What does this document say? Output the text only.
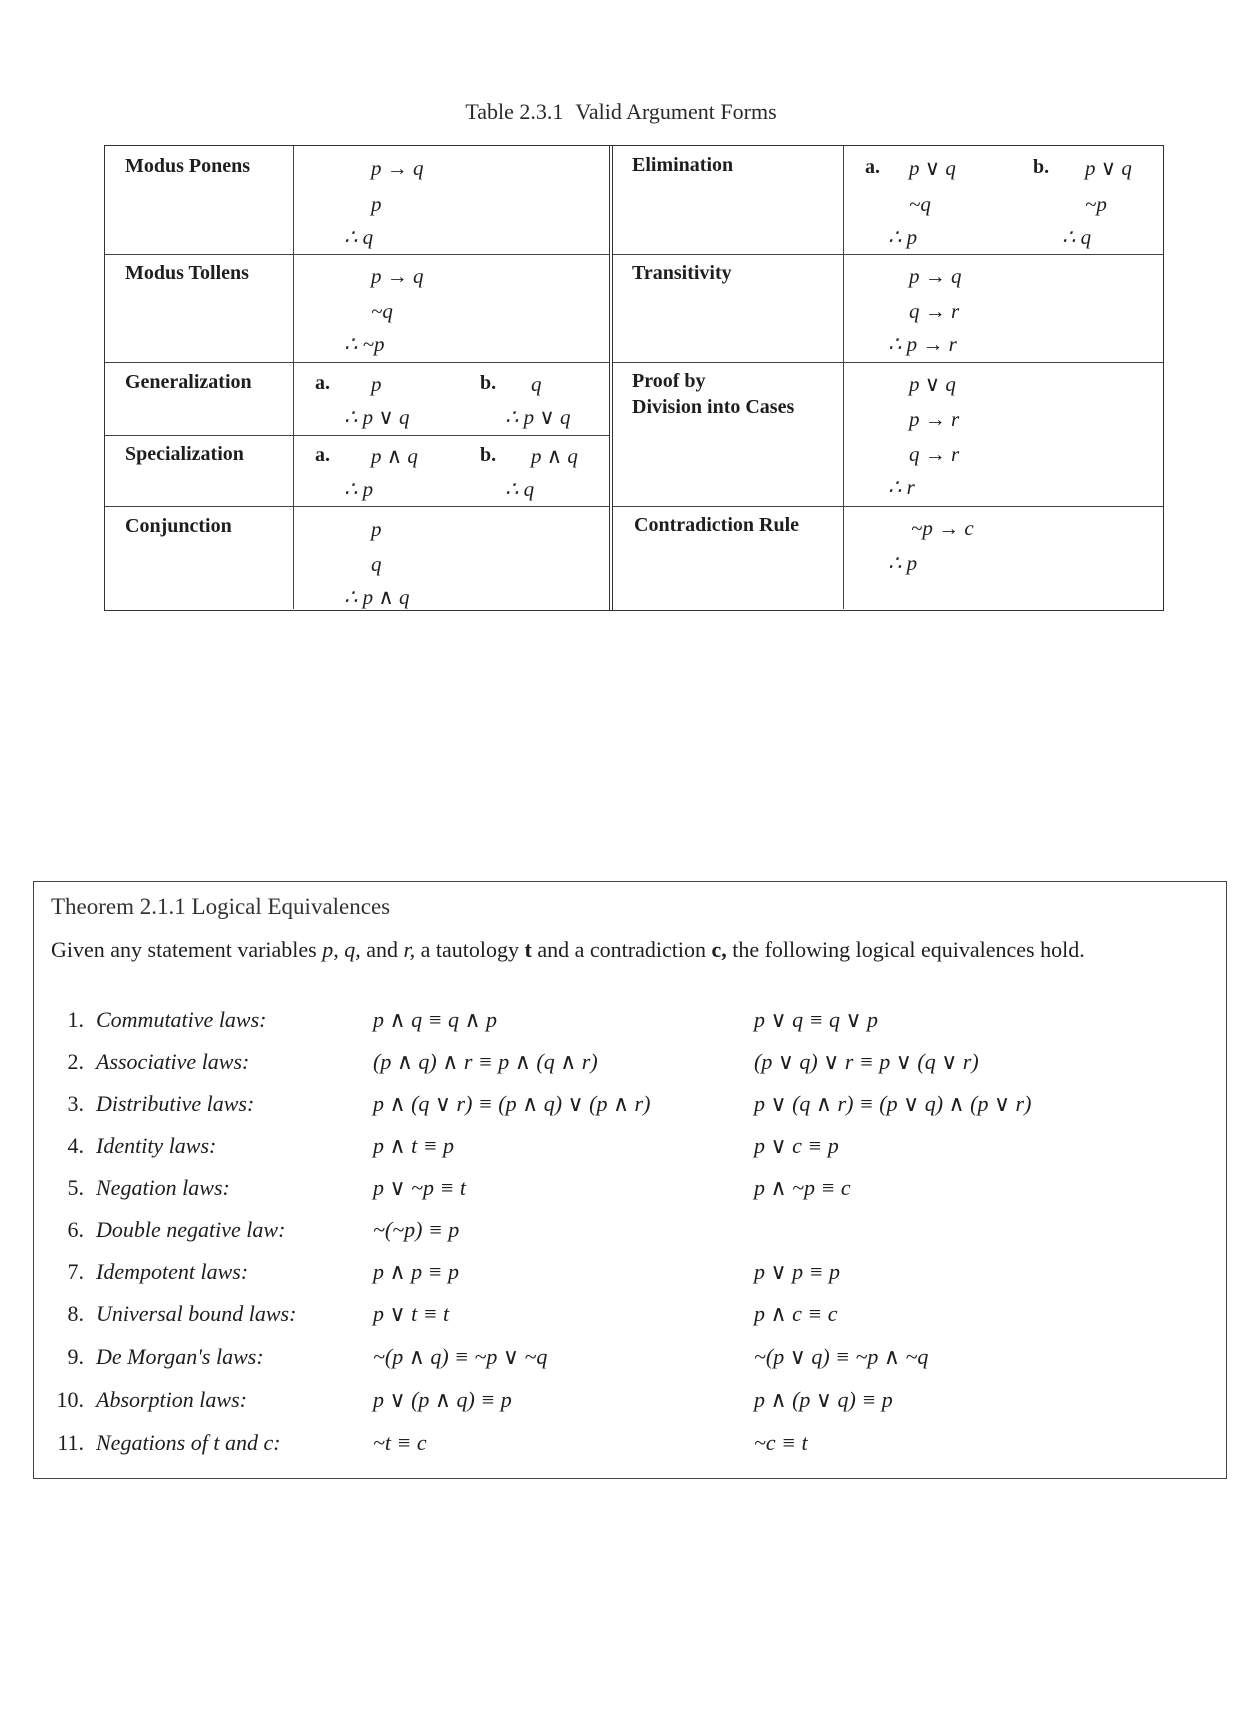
Table 2.3.1 Valid Argument Forms
Modus Ponens	p → q
p
∴ q
Modus Tollens	p → q
~q
∴ ~p
Generalization	a. p
∴ p ∨ q
b. q
∴ p ∨ q
Specialization	a. p ∧ q
∴ p
b. p ∧ q
∴ q
Conjunction	p
q
∴ p ∧ q
Elimination	a. p ∨ q
~q
∴ p
b. p ∨ q
~p
∴ q
Transitivity	p → q
q → r
∴ p → r
Proof by
Division into Cases
p ∨ q
p → r
q → r
∴ r
Contradiction Rule	~p → c
∴ p
Theorem 2.1.1 Logical Equivalences
Given any statement variables p, q, and r, a tautology t and a contradiction c, the following logical equivalences hold.
1. Commutative laws:	p ∧ q ≡ q ∧ p	p ∨ q ≡ q ∨ p
2. Associative laws:	(p ∧ q) ∧ r ≡ p ∧ (q ∧ r)	(p ∨ q) ∨ r ≡ p ∨ (q ∨ r)
3. Distributive laws:	p ∧ (q ∨ r) ≡ (p ∧ q) ∨ (p ∧ r)	p ∨ (q ∧ r) ≡ (p ∨ q) ∧ (p ∨ r)
4. Identity laws:	p ∧ t ≡ p	p ∨ c ≡ p
5. Negation laws:	p ∨ ~p ≡ t	p ∧ ~p ≡ c
6. Double negative law:	~(~p) ≡ p
7. Idempotent laws:	p ∧ p ≡ p	p ∨ p ≡ p
8. Universal bound laws:	p ∨ t ≡ t	p ∧ c ≡ c
9. De Morgan's laws:	~(p ∧ q) ≡ ~p ∨ ~q	~(p ∨ q) ≡ ~p ∧ ~q
10. Absorption laws:	p ∨ (p ∧ q) ≡ p	p ∧ (p ∨ q) ≡ p
11. Negations of t and c:	~t ≡ c	~c ≡ t
